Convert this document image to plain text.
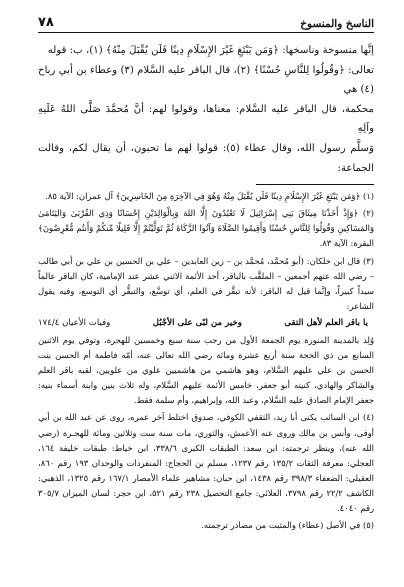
الناسخ والمنسوخ
٧٨

إنَّها منسوخة وناسخها: ﴿وَمَن يَبْتَغِ غَيْرَ الإِسْلَامِ دِينًا فَلَن يُقْبَلَ مِنْهُ﴾ (١)، ب: قوله

تعالى: ﴿وقُولُوا لِلنَّاسِ حُسْنًا﴾ (٢)، قال الباقر عليه السَّلام (٣) وعطاء بن أبي رباح (٤) هي

محكمة، قال الباقر عليه السَّلام: معناها، وقولوا لهم: أنَّ مُحمَّدَ صَلَّى اللهُ عَلَيهِ وآلِهِ

وَسلَّم رسول الله، وقال عطاء (٥): قولوا لهم ما تحبون، أن يقال لكم، وقالت الجماعة:

(١) ﴿وَمَن يَبْتَغِ غَيْرَ الإِسْلَامِ دِينًا فَلَن يُقْبَلَ مِنْهُ وَهُوَ فِي الآخِرَةِ مِنَ الخَاسِرِينَ﴾ آل عمران: الآية ٨٥.

(٢) ﴿وَإِذْ أَخَذْنَا مِيثَاقَ بَنِي إِسْرَائِيلَ لَا تَعْبُدُونَ إِلَّا اللهَ وَبِالْوَالِدَيْنِ إِحْسَانًا وَذِي القُرْبَىٰ وَاليَتَامَىٰ وَالمَسَاكِينِ وَقُولُوا لِلنَّاسِ حُسْنًا وَأَقِيمُوا الصَّلَاةَ وَآتُوا الزَّكَاةَ ثُمَّ تَوَلَّيْتُمْ إِلَّا قَلِيلًا مِّنكُمْ وَأَنتُم مُّعْرِضُونَ﴾ البقرة: الآية ٨٣.

(٣) قال ابن خلكان: (أبو مُحمَّد، مُحمَّد بن – زين العابدين – علي بن الحسين بن علي بن أبي طالب – رضي الله عنهم أجمعين – الملقَّب بالباقر، أحد الأئمة الاثني عشر عند الإمامية، كان الباقر عالماً سيداً كبيراً، وإنَّما قيل له الباقر: لأنه تبقَّر في العلم، أي توسَّع، والتبقُّر أي التوسع، وفيه يقول الشاعر:

يا باقر العلم لأهل التقى
وخير من لبّى على الأجْبُل
وفيات الأعيان ١٧٤/٤

وُلِد بالمدينة المنورة يوم الجمعة الأول من رجب سنة سبع وخمسين للهجرة، وتوفي يوم الاثنين السابع من ذي الحجة سنة أربع عشرة ومائة رضي الله تعالى عنه، أمّه فاطمة أم الحسن بنت الحسن بن علي عليهم السَّلام، وهو هاشمي من هاشميين علوي من علويين، لقبه باقر العلم والشاكر والهادي، كنيته أبو جعفر، خامس الأئمة عليهم السَّلام، وله ثلاث بنين وابنة أسماء بنيه: جعفر الإمام الصادق عليه السَّلام، وعبد الله، وإبراهيم، وأم سلمة فقط.

(٤) ابن السائب يكنى أبا زيد، الثقفي الكوفي، صدوق اختلط آخر عمره، روى عن عبد الله بن أبي أوفى، وأنس بن مالك وروى عنه الأعمش، والثوري، مات سنة ست وثلاثين ومائة للهجـرة (رضي الله عنه)، وينظر ترجمته: ابن سعد: الطبقات الكبرى ٣٣٨/٦، ابن خياط: طبقات خليفة ١٦٤، العجلي: معرفة الثقات ١٣٥/٢ رقم ١٢٣٧، مسلم بن الحجاج: المنفردات والوحدان ١٩٣ رقم ٨٦٠، العقيلي: الضعفاء ٣٩٨/٣ رقم ١٤٣٨، ابن حبان: مشاهير علماء الأمصار ١٦٧/١ رقم ١٣٢٥، الذهبي: الكاشف ٢٢/٢ رقم ٣٧٩٨، العلائي: جامع التحصيل ٢٣٨ رقم ٥٢١، ابن حجر: لسان الميزان ٣٠٥/٧ رقم ٤٠٤٠.

(٥) في الأصل (عطاء) والمثبت من مصادر ترجمته.
